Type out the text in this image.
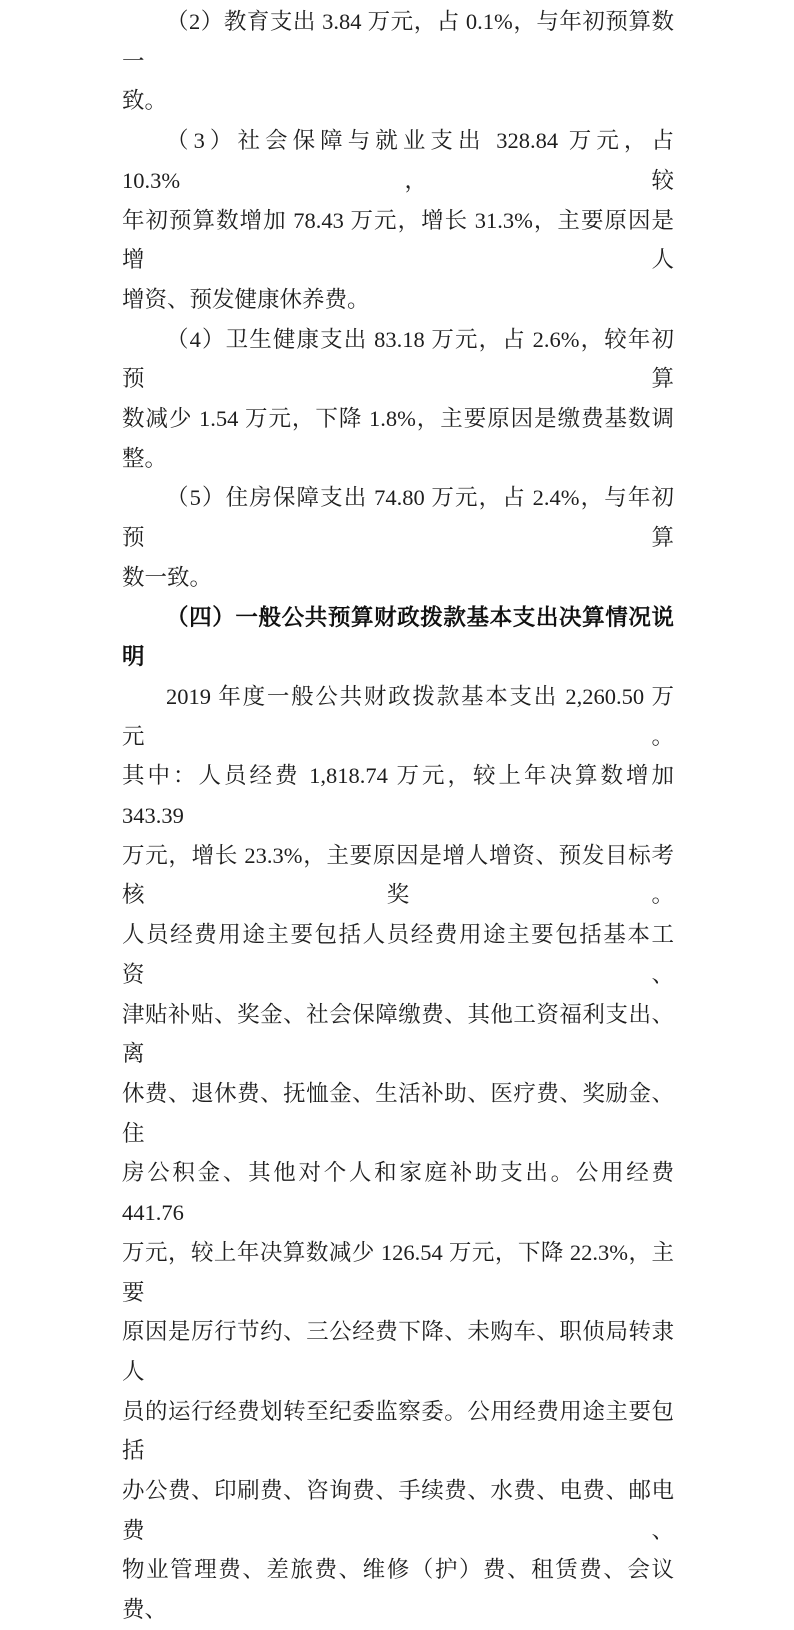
（2）教育支出 3.84 万元，占 0.1%，与年初预算数一
致。

（3）社会保障与就业支出 328.84 万元，占 10.3%，较
年初预算数增加 78.43 万元，增长 31.3%，主要原因是增人
增资、预发健康休养费。

（4）卫生健康支出 83.18 万元，占 2.6%，较年初预算
数减少 1.54 万元，下降 1.8%，主要原因是缴费基数调整。

（5）住房保障支出 74.80 万元，占 2.4%，与年初预算
数一致。

（四）一般公共预算财政拨款基本支出决算情况说明

2019 年度一般公共财政拨款基本支出 2,260.50 万元。
其中：人员经费 1,818.74 万元，较上年决算数增加 343.39
万元，增长 23.3%，主要原因是增人增资、预发目标考核奖。
人员经费用途主要包括人员经费用途主要包括基本工资、
津贴补贴、奖金、社会保障缴费、其他工资福利支出、离
休费、退休费、抚恤金、生活补助、医疗费、奖励金、住
房公积金、其他对个人和家庭补助支出。公用经费 441.76
万元，较上年决算数减少 126.54 万元，下降 22.3%，主要
原因是厉行节约、三公经费下降、未购车、职侦局转隶人
员的运行经费划转至纪委监察委。公用经费用途主要包括
办公费、印刷费、咨询费、手续费、水费、电费、邮电费、
物业管理费、差旅费、维修（护）费、租赁费、会议费、
